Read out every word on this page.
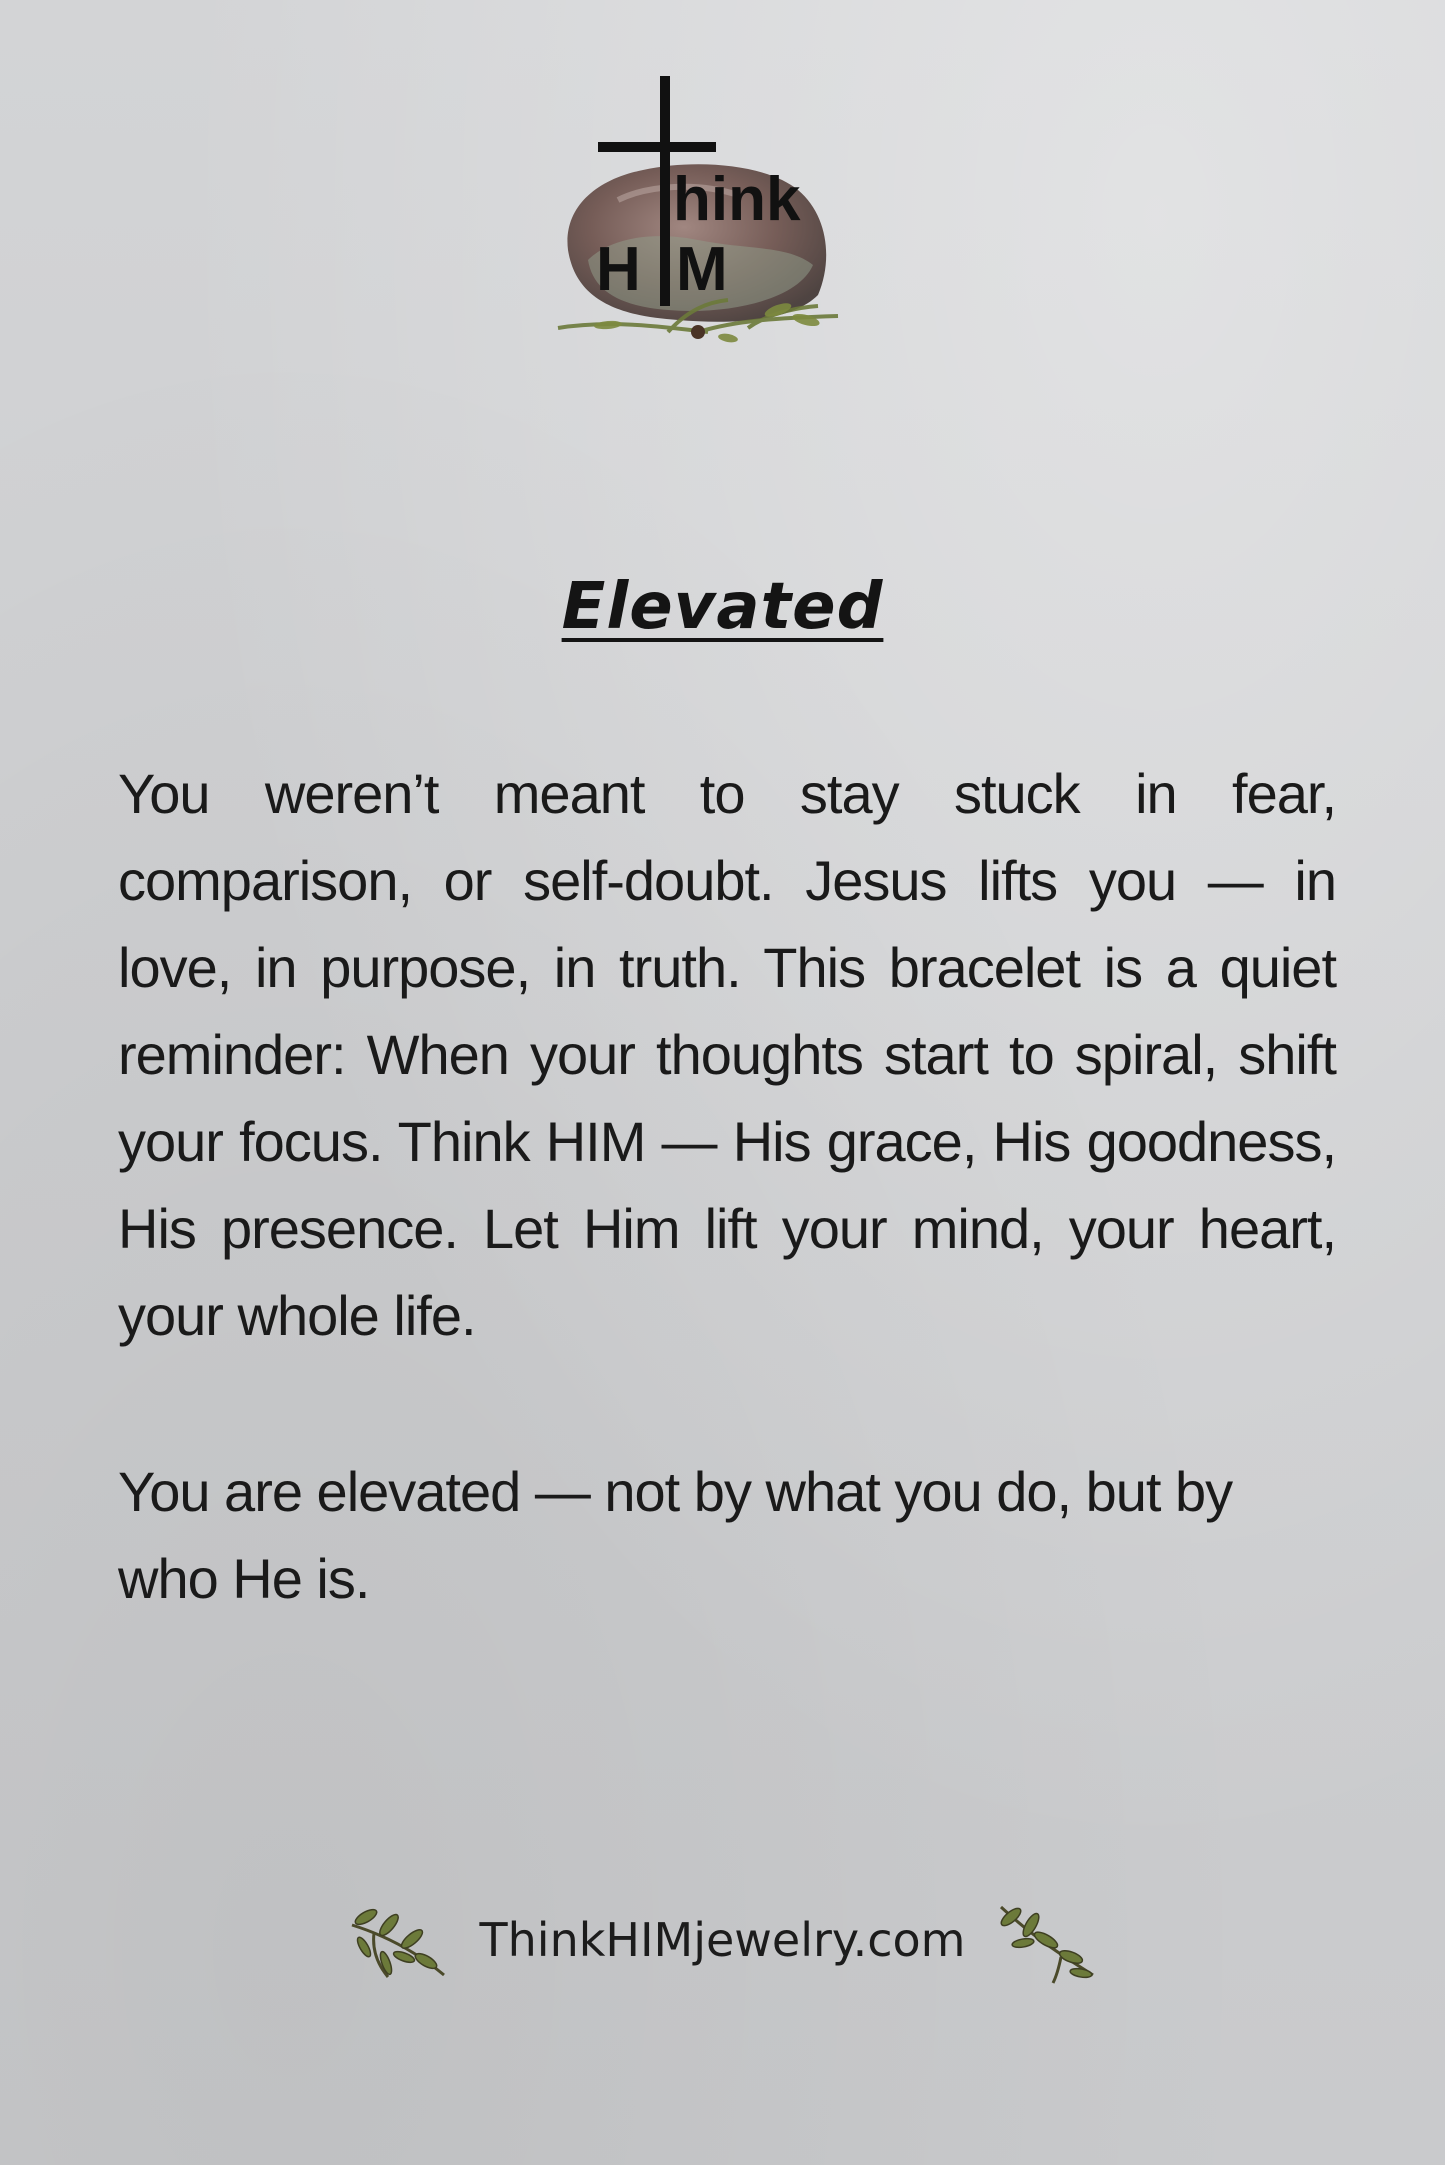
hink
H M
Elevated
You weren’t meant to stay stuck in fear, comparison, or self-doubt. Jesus lifts you — in love, in purpose, in truth. This bracelet is a quiet reminder: When your thoughts start to spiral, shift your focus. Think HIM — His grace, His goodness, His presence. Let Him lift your mind, your heart, your whole life.
You are elevated — not by what you do, but by who He is.
ThinkHIMjewelry.com
